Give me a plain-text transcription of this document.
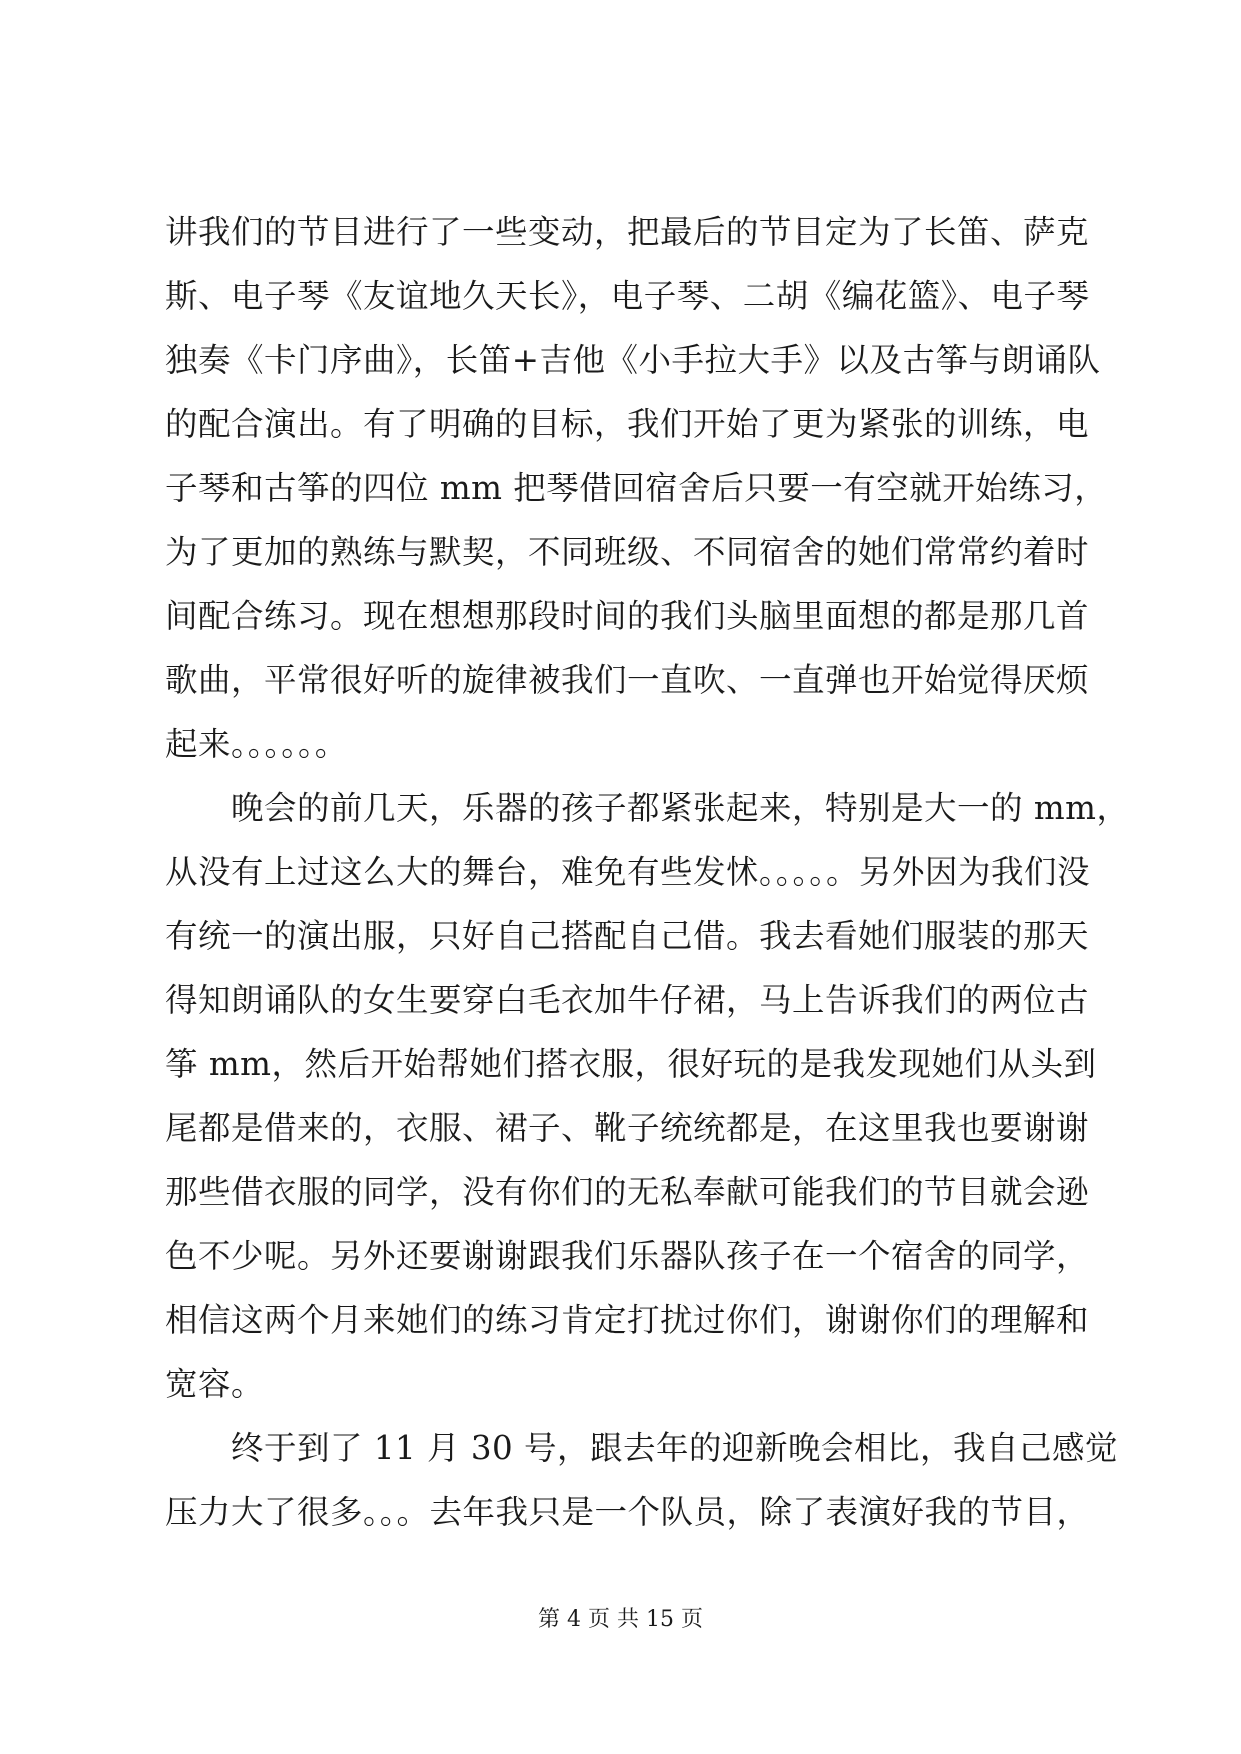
讲我们的节目进行了一些变动，把最后的节目定为了长笛、萨克
斯、电子琴《友谊地久天长》，电子琴、二胡《编花篮》、电子琴
独奏《卡门序曲》，长笛+吉他《小手拉大手》以及古筝与朗诵队
的配合演出。有了明确的目标，我们开始了更为紧张的训练，电
子琴和古筝的四位 mm 把琴借回宿舍后只要一有空就开始练习，
为了更加的熟练与默契，不同班级、不同宿舍的她们常常约着时
间配合练习。现在想想那段时间的我们头脑里面想的都是那几首
歌曲，平常很好听的旋律被我们一直吹、一直弹也开始觉得厌烦
起来。。。。。。
　　晚会的前几天，乐器的孩子都紧张起来，特别是大一的 mm，
从没有上过这么大的舞台，难免有些发怵。。。。。另外因为我们没
有统一的演出服，只好自己搭配自己借。我去看她们服装的那天
得知朗诵队的女生要穿白毛衣加牛仔裙，马上告诉我们的两位古
筝 mm，然后开始帮她们搭衣服，很好玩的是我发现她们从头到
尾都是借来的，衣服、裙子、靴子统统都是，在这里我也要谢谢
那些借衣服的同学，没有你们的无私奉献可能我们的节目就会逊
色不少呢。另外还要谢谢跟我们乐器队孩子在一个宿舍的同学，
相信这两个月来她们的练习肯定打扰过你们，谢谢你们的理解和
宽容。
　　终于到了 11 月 30 号，跟去年的迎新晚会相比，我自己感觉
压力大了很多。。。去年我只是一个队员，除了表演好我的节目，
第 4 页 共 15 页
